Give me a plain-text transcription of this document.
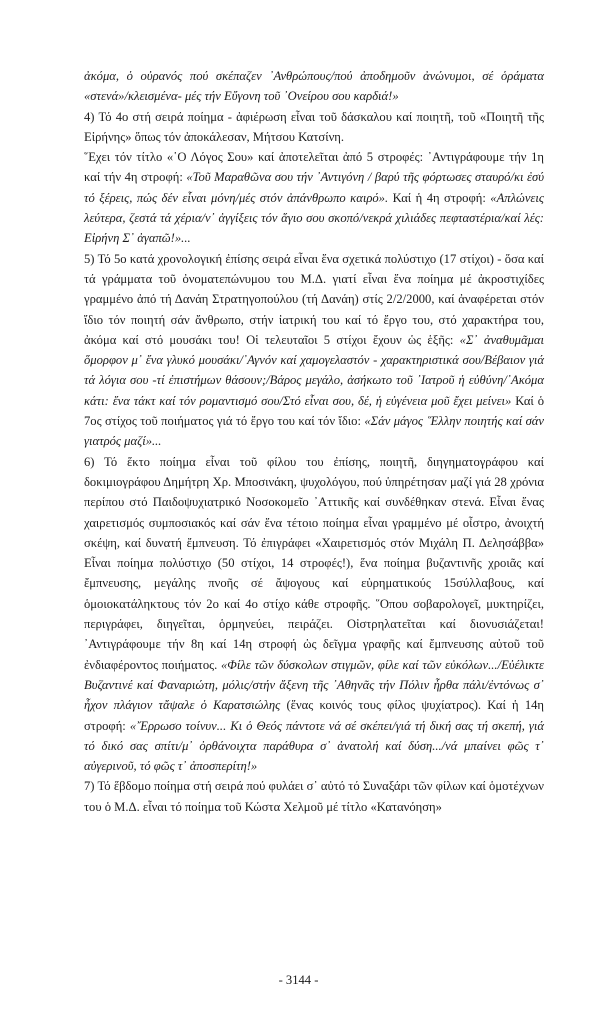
ἀκόμα, ὁ οὐρανός πού σκέπαζεν ᾿Ανθρώπους/πού ἀποδημοῦν ἀνώνυμοι, σέ ὁράματα «στενά»/κλεισμένα- μές τήν Εὔγονη τοῦ ᾿Ονείρου σου καρδιά!»

4) Τό 4ο στή σειρά ποίημα - ἀφιέρωση εἶναι τοῦ δάσκαλου καί ποιητῆ, τοῦ «Ποιητῆ τῆς Εἰρήνης» ὅπως τόν ἀποκάλεσαν, Μήτσου Κατσίνη.

῞Εχει τόν τίτλο «῾Ο Λόγος Σου» καί ἀποτελεῖται ἀπό 5 στροφές: ᾿Αντιγράφουμε τήν 1η καί τήν 4η στροφή: «Τοῦ Μαραθῶνα σου τήν ᾿Αντιγόνη / βαρύ τῆς φόρτωσες σταυρό/κι ἐσύ τό ξέρεις, πώς δέν εἶναι μόνη/μές στόν ἀπάνθρωπο καιρό». Καί ἡ 4η στροφή: «Απλώνεις λεύτερα, ζεστά τά χέρια/ν᾿ ἀγγίξεις τόν ἅγιο σου σκοπό/νεκρά χιλιάδες πεφταστέρια/καί λές: Εἰρήνη Σ᾿ ἀγαπῶ!»...

5) Τό 5ο κατά χρονολογική ἐπίσης σειρά εἶναι ἕνα σχετικά πολύστιχο (17 στίχοι) - ὅσα καί τά γράμματα τοῦ ὀνοματεπώνυμου του Μ.Δ. γιατί εἶναι ἕνα ποίημα μέ ἀκροστιχίδες γραμμένο ἀπό τή Δανάη Στρατηγοπούλου (τή Δανάη) στίς 2/2/2000, καί ἀναφέρεται στόν ἴδιο τόν ποιητή σάν ἄνθρωπο, στήν ἰατρική του καί τό ἔργο του, στό χαρακτήρα του, ἀκόμα καί στό μουσάκι του! Οἱ τελευταῖοι 5 στίχοι ἔχουν ὡς ἑξῆς: «Σ᾿ ἀναθυμᾶμαι ὅμορφον μ᾿ ἕνα γλυκό μουσάκι/᾿Αγνόν καί χαμογελαστόν - χαρακτηριστικά σου/Βέβαιον γιά τά λόγια σου -τί ἐπιστήμων θάσουν;/Βάρος μεγάλο, ἀσήκωτο τοῦ ᾿Ιατροῦ ἡ εὐθύνη/᾿Ακόμα κάτι: ἕνα τάκτ καί τόν ρομαντισμό σου/Στό εἶναι σου, δέ, ἡ εὐγένεια μοῦ ἔχει μείνει» Καί ὁ 7ος στίχος τοῦ ποιήματος γιά τό ἔργο του καί τόν ἴδιο: «Σάν μάγος ῞Ελλην ποιητής καί σάν γιατρός μαζί»...

6) Τό ἕκτο ποίημα εἶναι τοῦ φίλου του ἐπίσης, ποιητῆ, διηγηματογράφου καί δοκιμιογράφου Δημήτρη Χρ. Μποσινάκη, ψυχολόγου, πού ὑπηρέτησαν μαζί γιά 28 χρόνια περίπου στό Παιδοψυχιατρικό Νοσοκομεῖο ᾿Αττικῆς καί συνδέθηκαν στενά. Εἶναι ἕνας χαιρετισμός συμποσιακός καί σάν ἕνα τέτοιο ποίημα εἶναι γραμμένο μέ οἶστρο, ἀνοιχτή σκέψη, καί δυνατή ἔμπνευση. Τό ἐπιγράφει «Χαιρετισμός στόν Μιχάλη Π. Δελησάββα» Εἶναι ποίημα πολύστιχο (50 στίχοι, 14 στροφές!), ἕνα ποίημα βυζαντινῆς χροιᾶς καί ἔμπνευσης, μεγάλης πνοῆς σέ ἄψογους καί εὑρηματικούς 15σύλλαβους, καί ὁμοιοκατάληκτους τόν 2ο καί 4ο στίχο κάθε στροφῆς. ῞Οπου σοβαρολογεῖ, μυκτηρίζει, περιγράφει, διηγεῖται, ὁρμηνεύει, πειράζει. Οἰστρηλατεῖται καί διονυσιάζεται! ᾿Αντιγράφουμε τήν 8η καί 14η στροφή ὡς δεῖγμα γραφῆς καί ἔμπνευσης αὐτοῦ τοῦ ἐνδιαφέροντος ποιήματος. «Φίλε τῶν δύσκολων στιγμῶν, φίλε καί τῶν εὐκόλων.../Εὐέλικτε Βυζαντινέ καί Φαναριώτη, μόλις/στήν ἄξενη τῆς ᾿Αθηνᾶς τήν Πόλιν ἦρθα πάλι/ἐντόνως σ᾿ ἦχον πλάγιον τἄψαλε ὁ Καρατσιώλης (ἕνας κοινός τους φίλος ψυχίατρος). Καί ἡ 14η στροφή: «῎Ερρωσο τοίνυν... Κι ὁ Θεός πάντοτε νά σέ σκέπει/γιά τή δική σας τή σκεπή, γιά τό δικό σας σπίτι/μ᾿ ὀρθάνοιχτα παράθυρα σ᾿ ἀνατολή καί δύση.../νά μπαίνει φῶς τ᾿ αὐγερινοῦ, τό φῶς τ᾿ ἀποσπερίτη!»

7) Τό ἕβδομο ποίημα στή σειρά πού φυλάει σ᾿ αὐτό τό Συναξάρι τῶν φίλων καί ὁμοτέχνων του ὁ Μ.Δ. εἶναι τό ποίημα τοῦ Κώστα Χελμοῦ μέ τίτλο «Κατανόηση»

- 3144 -
